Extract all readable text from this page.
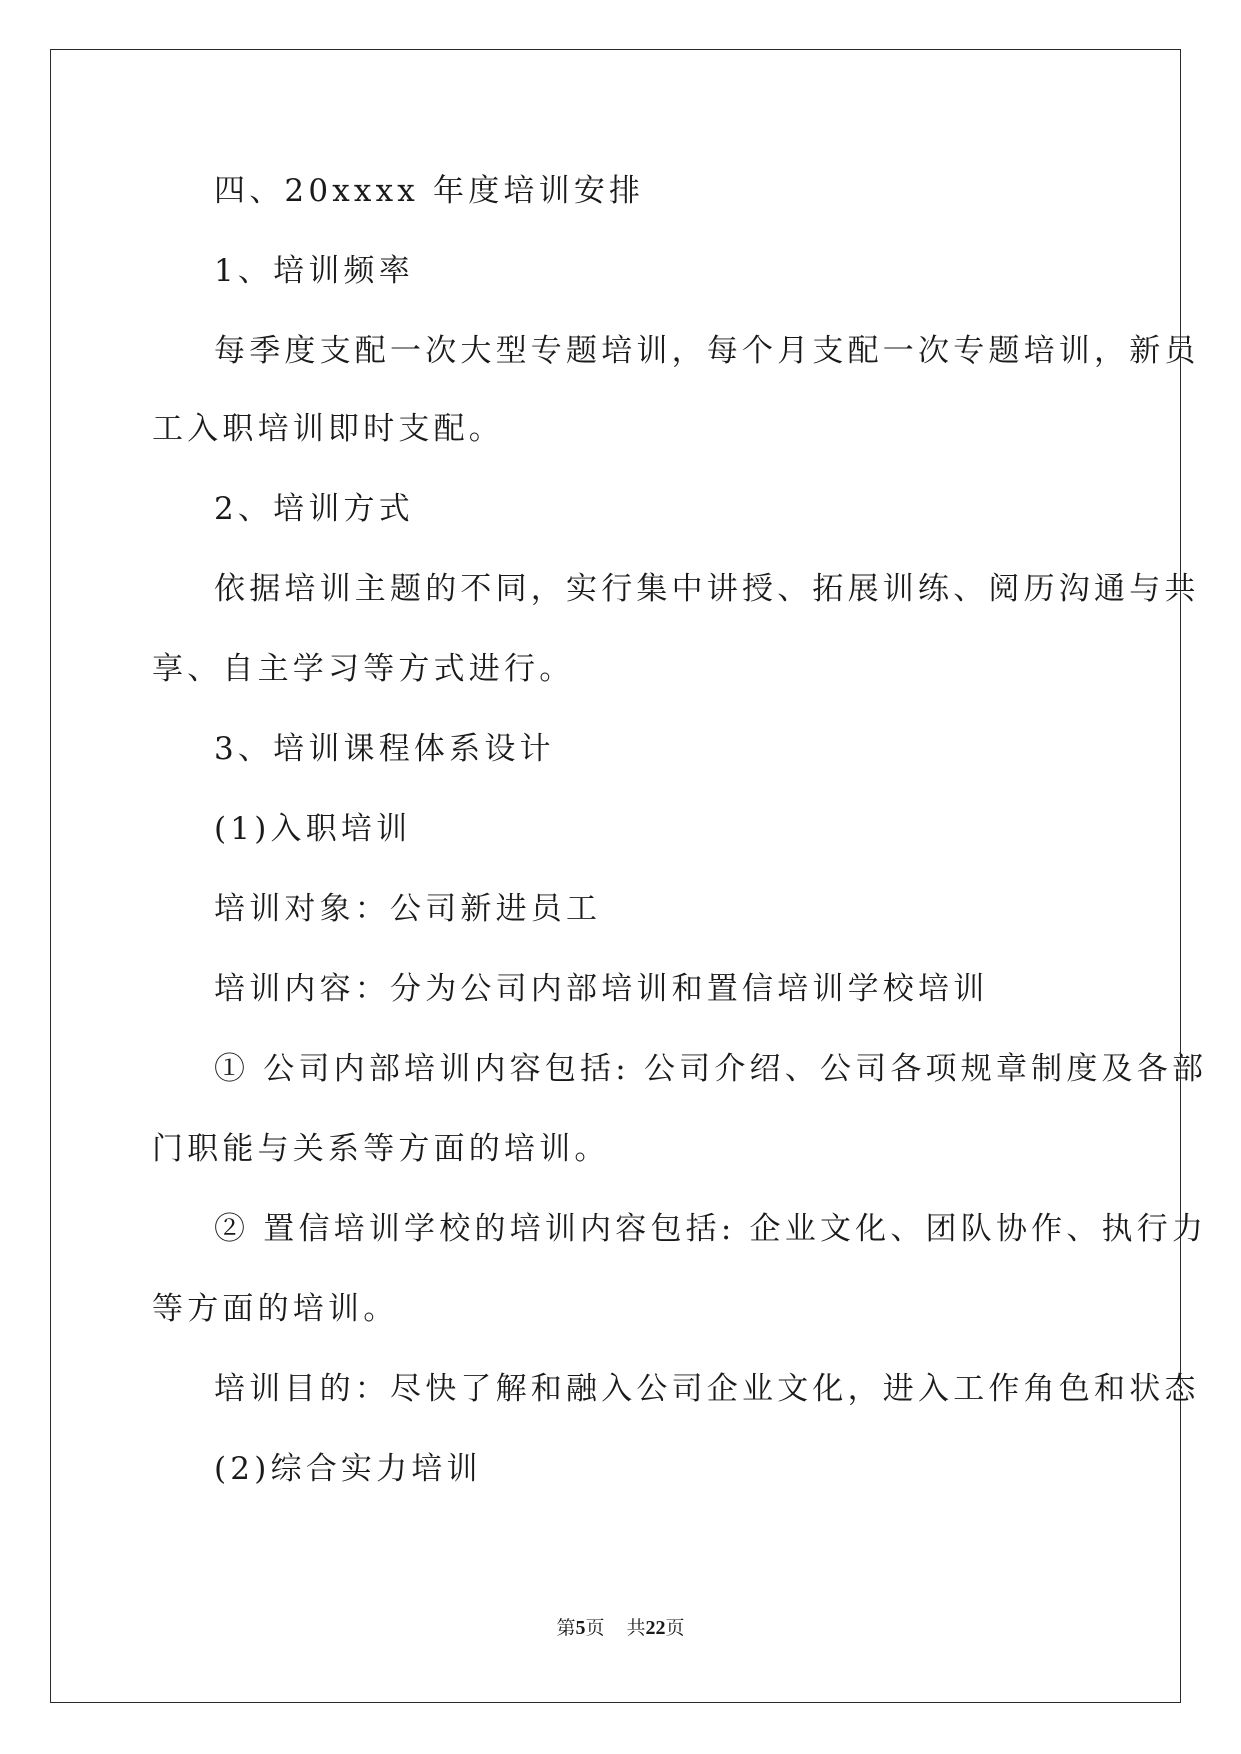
四、20xxxx 年度培训安排
1、培训频率
每季度支配一次大型专题培训，每个月支配一次专题培训，新员
工入职培训即时支配。
2、培训方式
依据培训主题的不同，实行集中讲授、拓展训练、阅历沟通与共
享、自主学习等方式进行。
3、培训课程体系设计
(1)入职培训
培训对象：公司新进员工
培训内容：分为公司内部培训和置信培训学校培训
① 公司内部培训内容包括: 公司介绍、公司各项规章制度及各部
门职能与关系等方面的培训。
② 置信培训学校的培训内容包括: 企业文化、团队协作、执行力
等方面的培训。
培训目的：尽快了解和融入公司企业文化，进入工作角色和状态
(2)综合实力培训
第5页 共22页
